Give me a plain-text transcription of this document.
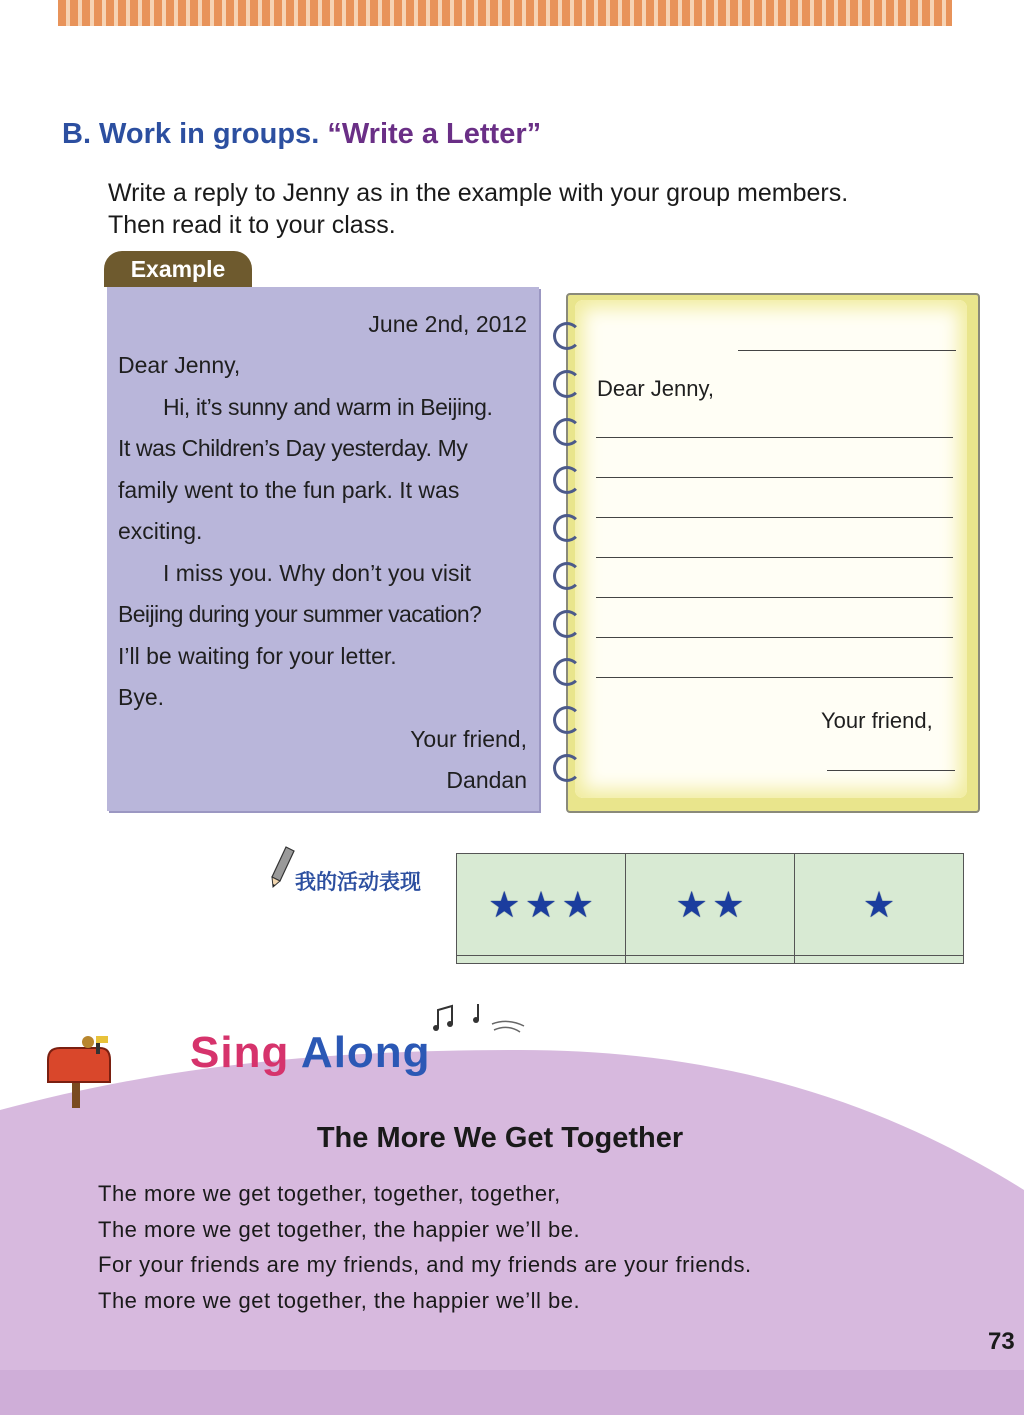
B. Work in groups. “Write a Letter”
Write a reply to Jenny as in the example with your group members.
Then read it to your class.
Example
June 2nd, 2012
Dear Jenny,
Hi, it’s sunny and warm in Beijing.
It was Children’s Day yesterday. My
family went to the fun park. It was
exciting.
I miss you. Why don’t you visit
Beijing during your summer vacation?
I’ll be waiting for your letter.
Bye.
Your friend,
Dandan
Dear Jenny,
Your friend,
我的活动表现
★ ★ ★	★ ★	★

Sing Along
The More We Get Together
The more we get together, together, together,
The more we get together, the happier we’ll be.
For your friends are my friends, and my friends are your friends.
The more we get together, the happier we’ll be.
73
